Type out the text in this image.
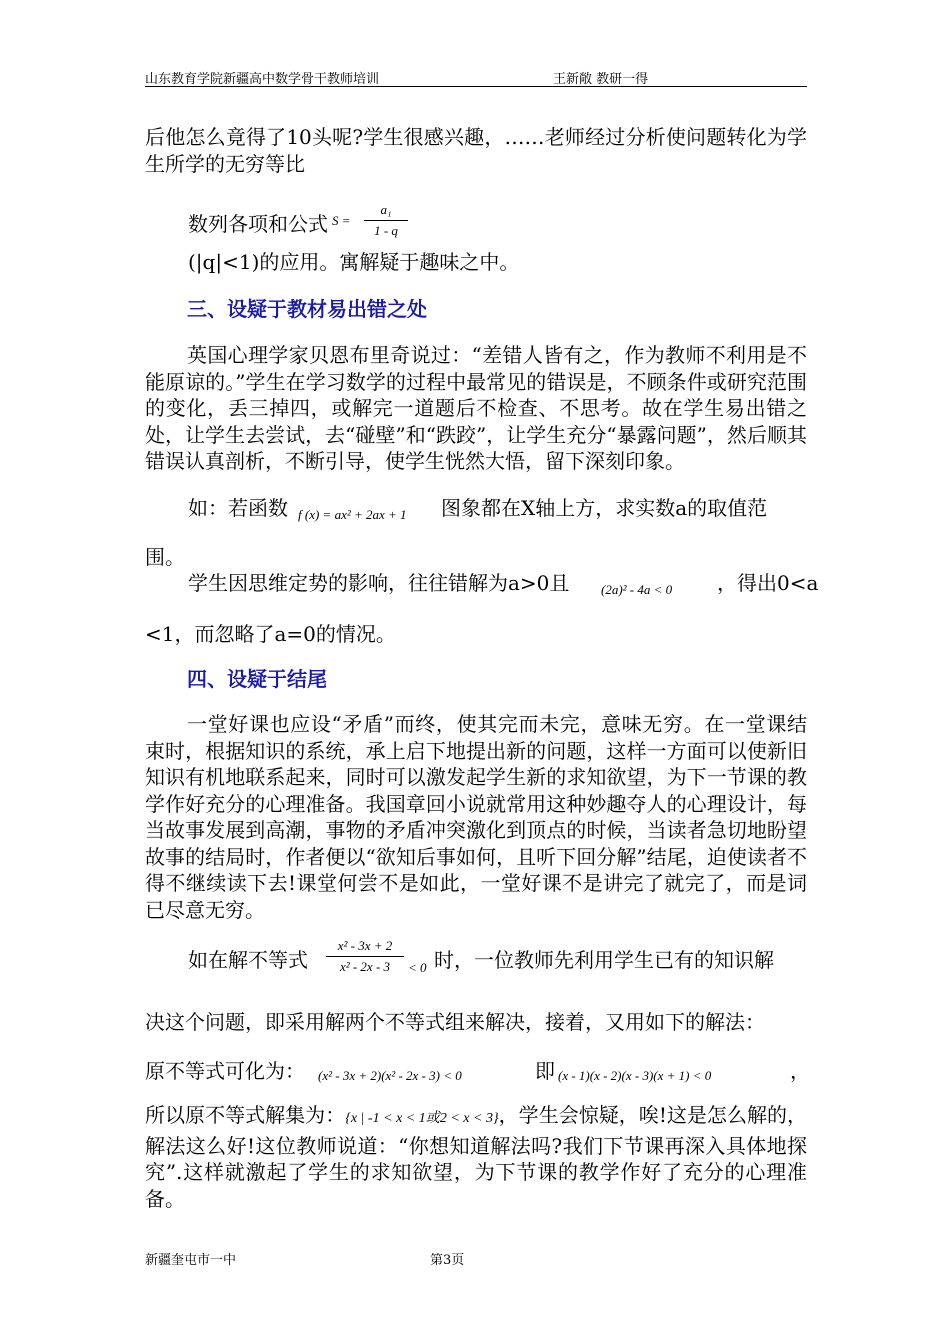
山东教育学院新疆高中数学骨干教师培训	王新敞 教研一得

后他怎么竟得了10头呢?学生很感兴趣，……老师经过分析使问题转化为学生所学的无穷等比

数列各项和公式 S =
a₁
1 - q
(|q|<1)的应用。寓解疑于趣味之中。
三、设疑于教材易出错之处

英国心理学家贝恩布里奇说过：“差错人皆有之，作为教师不利用是不能原谅的。”学生在学习数学的过程中最常见的错误是，不顾条件或研究范围的变化，丢三掉四，或解完一道题后不检查、不思考。故在学生易出错之处，让学生去尝试，去“碰壁”和“跌跤”，让学生充分“暴露问题”，然后顺其错误认真剖析，不断引导，使学生恍然大悟，留下深刻印象。

如：若函数 f (x) = ax² + 2ax + 1 图象都在X轴上方，求实数a的取值范
围。
学生因思维定势的影响，往往错解为a>0且 (2a)² - 4a < 0 ，得出0<a
<1，而忽略了a=0的情况。
四、设疑于结尾

一堂好课也应设“矛盾”而终，使其完而未完，意味无穷。在一堂课结束时，根据知识的系统，承上启下地提出新的问题，这样一方面可以使新旧知识有机地联系起来，同时可以激发起学生新的求知欲望，为下一节课的教学作好充分的心理准备。我国章回小说就常用这种妙趣夺人的心理设计，每当故事发展到高潮，事物的矛盾冲突激化到顶点的时候，当读者急切地盼望故事的结局时，作者便以“欲知后事如何，且听下回分解”结尾，迫使读者不得不继续读下去!课堂何尝不是如此，一堂好课不是讲完了就完了，而是词已尽意无穷。

如在解不等式
x² - 3x + 2
x² - 2x - 3	< 0 时，一位教师先利用学生已有的知识解
决这个问题，即采用解两个不等式组来解决，接着，又用如下的解法：
原不等式可化为： (x² - 3x + 2)(x² - 2x - 3) < 0	即 (x - 1)(x - 2)(x - 3)(x + 1) < 0	，

所以原不等式解集为：{x | -1 < x < 1或2 < x < 3}，学生会惊疑，唉!这是怎么解的，解法这么好!这位教师说道：“你想知道解法吗?我们下节课再深入具体地探究”.这样就激起了学生的求知欲望，为下节课的教学作好了充分的心理准备。

新疆奎屯市一中	第3页
